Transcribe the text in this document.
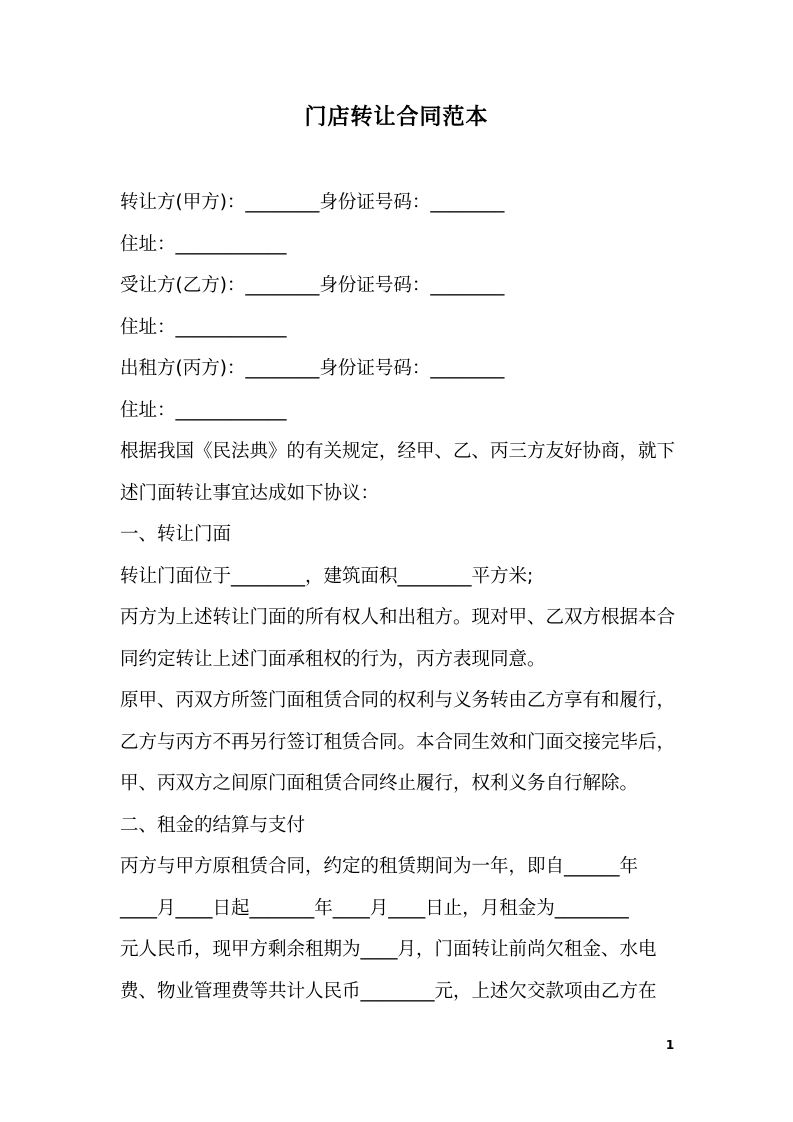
门店转让合同范本
转让方(甲方)：________身份证号码：________
住址：____________
受让方(乙方)：________身份证号码：________
住址：____________
出租方(丙方)：________身份证号码：________
住址：____________
根据我国《民法典》的有关规定，经甲、乙、丙三方友好协商，就下
述门面转让事宜达成如下协议：
一、转让门面
转让门面位于________，建筑面积________平方米;
丙方为上述转让门面的所有权人和出租方。现对甲、乙双方根据本合
同约定转让上述门面承租权的行为，丙方表现同意。
原甲、丙双方所签门面租赁合同的权利与义务转由乙方享有和履行，
乙方与丙方不再另行签订租赁合同。本合同生效和门面交接完毕后，
甲、丙双方之间原门面租赁合同终止履行，权利义务自行解除。
二、租金的结算与支付
丙方与甲方原租赁合同，约定的租赁期间为一年，即自______年
____月____日起_______年____月____日止，月租金为________
元人民币，现甲方剩余租期为____月，门面转让前尚欠租金、水电
费、物业管理费等共计人民币________元，上述欠交款项由乙方在
1
